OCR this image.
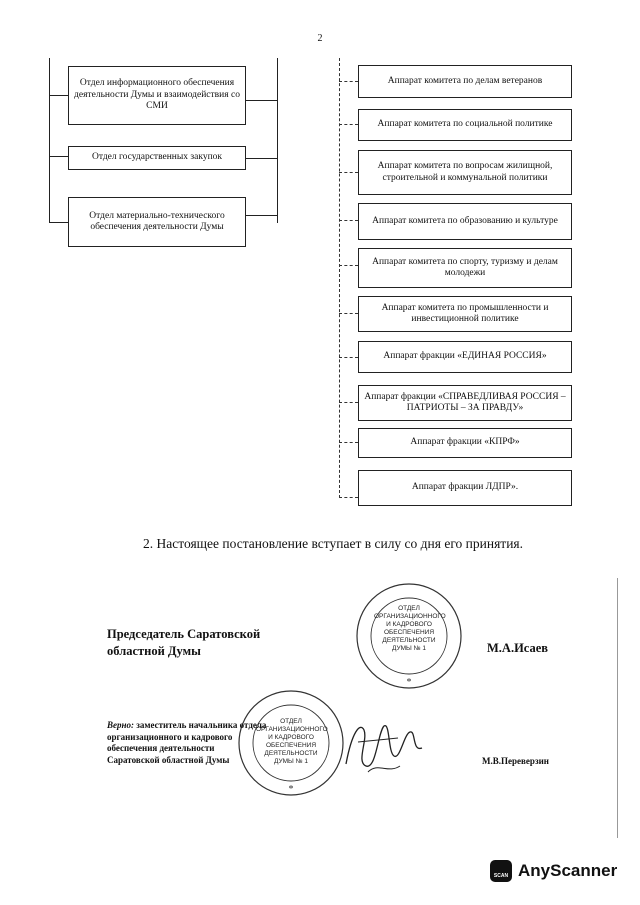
2
Отдел информационного обеспечения деятельности Думы и взаимодействия со СМИ
Отдел государственных закупок
Отдел материально-технического обеспечения деятельности Думы
Аппарат комитета по делам ветеранов
Аппарат комитета по социальной политике
Аппарат комитета по вопросам жилищной, строительной и коммунальной политики
Аппарат комитета по образованию и культуре
Аппарат комитета по спорту, туризму и делам молодежи
Аппарат комитета по промышленности и инвестиционной политике
Аппарат фракции «ЕДИНАЯ РОССИЯ»
Аппарат фракции «СПРАВЕДЛИВАЯ РОССИЯ – ПАТРИОТЫ – ЗА ПРАВДУ»
Аппарат фракции «КПРФ»
Аппарат фракции ЛДПР».
2. Настоящее постановление вступает в силу со дня его принятия.
*
ОТДЕЛ
ОРГАНИЗАЦИОННОГО
И КАДРОВОГО
ОБЕСПЕЧЕНИЯ
ДЕЯТЕЛЬНОСТИ
ДУМЫ № 1
Председатель Саратовской
областной Думы	М.А.Исаев
*
ОТДЕЛ
ОРГАНИЗАЦИОННОГО
И КАДРОВОГО
ОБЕСПЕЧЕНИЯ
ДЕЯТЕЛЬНОСТИ
ДУМЫ № 1
Верно: заместитель начальника отдела
организационного и кадрового
обеспечения деятельности
Саратовской областной Думы	М.В.Переверзин
SCAN AnyScanner
